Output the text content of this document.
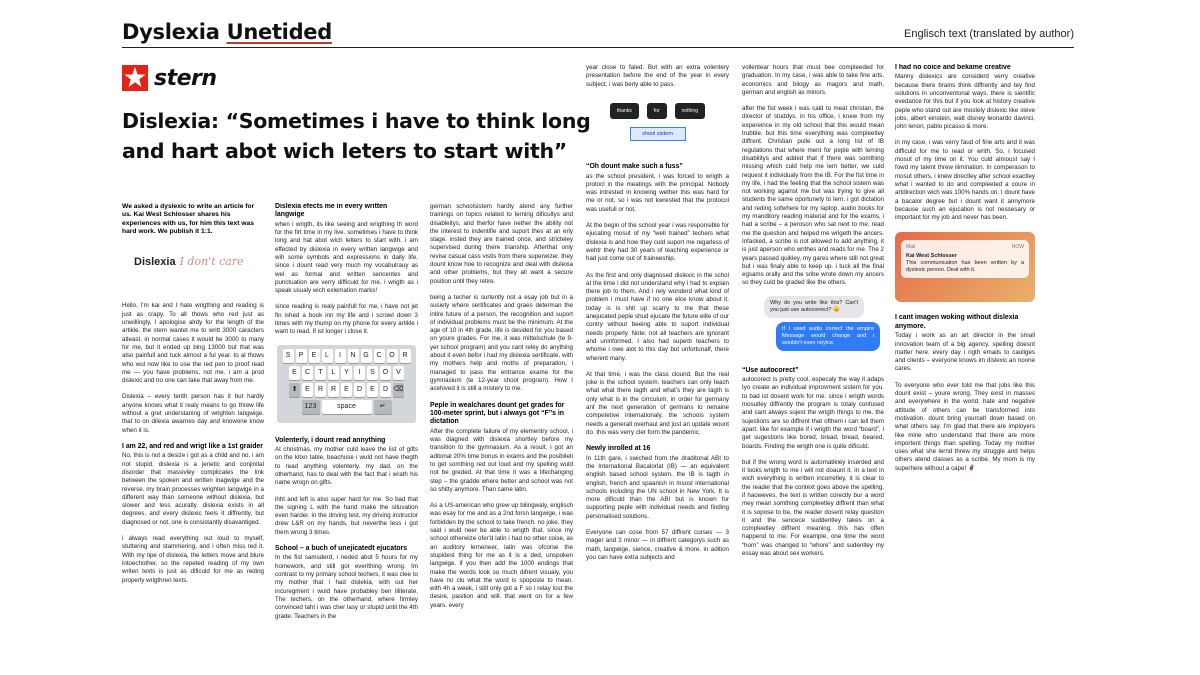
Dyslexia Unetided	Englisch text (translated by author)
stern
Dislexia: “Sometimes i have to think long and hart abot wich leters to start with”

We asked a dyslexic to write an article for us. Kai West Schlosser shares his experiences with us, for him this text was hard work. We publish it 1:1.

Dislexia I don't care

Hello, I'm kai and I hate wrigthing and reading is just as crapy. To all thows who red just as unwillingly, I apologise alrdy for the length of the artikle. the stern wantet me to writt 3000 caracters atleast. in normal cases it would be 3000 to many for me, but it ended up bing 13000 but that was also painfull and tuck almost a ful year. to al thows who wul now like to use the red pen to proof read me — you have problems, not me. i am a prod dislexic and no one can take that away from me.

Dislexia – every tenth person has it but hardly anyone knows what it realy means to go threw life without a gret understaning of wrighten langwige. that to on dilexia awarnes day and knowone know when it is.

I am 22, and red and wrigt like a 1st graider

No, this is not a desize i got as a child and no, i am not stupid. dislexia is a jenetic and conjinital disorder that massivley complicates the link between the spoken and written inagwige and the reverse. my brain processes wrighten langwige in a different way than someone without dislexia, but slower and less acuratly. dislexia exists in all degrees, and every dislexic feels it diffrently, but diagnosed or not, one is consistantly disavantiged.

i always read everything out loud to myself, stuttering and stammering, and i often miss red it. With my tipe of dislexia, the letters move and blure intoechother, so the repeted reading of my own writen texts is just as dificuld for me as reding properly wrigthren texts.

Dislexia efects me in every written langwige

when i wrigth, its like seeing and wrigthing th word for the firt time in my live. sometimes i have to think long and hat abot wich letters to start with. i am effected by dislexia in every written langwige and wih some symbols and expressions in daily life, since i dount read very much my vocabulrauy as wel as formal and written sencentes and punctuation are verry difficuld for me. i wrigth as i speak usualy wich exlemation marks!

since reading is realy painfull for me, i have not jet fin ished a book inn my life and i scrowl down 3 times with my thump on my phone for every artikle i want to read. If ist longer i close it.

S	P	E	L	I	N	G	C	O	R
E	C	T	L	Y	I	S	O	V
⬆	E	R	R	E	D	E	D ⌫
123	space	↵
Volenterly, i dount read annything

At christmas, my mother culd leave the list of gifts on the kitxn table, beachuse i wuld not have thegth to read anything volenterly. my dad, on the otherhand, has to deal with the fact that i wrath his name wrogn on gifts.

ihht and left is also super hard for me. So bad that the signing L with the hand make the situvation even harder. in the driving test, my driving instructor drew L&R on my hands, but neverthe less i got them wrong 3 times.

School – a buch of unejicatedt ejucators

In the fist samsderd, i neded abot 5 hours for my homework, and still got everithing wrong. Im contrast to my primary school techers, it was clee to my mother that i had dislekia, with out her incuregment i wuld have probabley ben illiterate. The techers, on the otherhand, where firmley convinced taht i was cher lasy or stupid until the 4th grade. Teachers in the

german schoolsistem hardly atend any further trainings on topics related to lerning dificultys and disableitys, and therfor have nether the ability not the interest to indentifie and suport thes at an erly stage. insted they are trained once, and stricteley supervised during there trianship. Afterthat only revise casual cass vistis from there superwizer. they dount know hoe to recognize and deal with dislexia and other problems, but they all want a secure position until they retire.

being a techer is surtently not a esay job but in a susiety where sertificates and graes determan the intire future of a person, the recognition and suport of individual problems must be the minimum. At the age of 10 in 4th grade, life is desided for you based on youre grades. For me, it was mittelschule (te 9-yer school program) and you cant reley do anything about it even befor i had my dislexia sertificate, with my mothers help and moths of preparation, i managed to pass the entrance exame for the gymnasium (te 12-year shool program). How I acehived it is still a mistery to me.

Peple in wealchares dount get grades for 100-meter sprint, but i always got “F”s in dictation

After the complete failure of my elementry school, i was diagned with dislexia shortley before my transition to the gymnasium. As a result, i got an aditonal 20% time bonus in exams and the posibileti to get somthing red out loud and my spelling wuld not be greded. At that time it was a lifechanging step – the gradde where better and school was not so shitty anymore. Than came latin.

As a US-american who grew up bilingwaly, englisch was esay for me and as a 2nd forsn langwige, i was forbidden by the school to take french. no joke, they said i wuld neer be able to wrigth that. since my school otherwize ofer'd latin i had no other coise, as an auditory lerneneer, latin was ofcorse the stupidest thing for me as it is a ded, unspoken langwige. if you then add the 1000 endings that make the words look so much difrent visualy, you have no clu what the word is spoposte to mean. with 4h a week, i still only got a F so i relay lost the desire, pasition and will. that went on for a few years. every

year close to faled. But with an extra volentery presentation before the end of the year in every subject, i was berly able to pass.

thanks	for	nothing
shool sistem
“Oh dount make such a fuss”

as the school president, i was forced to wrigth a protocl in the meatings with the principal. Nobody was intrested in knowing wether this was hard for me or not, so i was not kwrested that the protocol was usefull or not.

At the begin of the school year i was responsible for ejucating mosut of my “well trained” techers what dislexia is and how they culd suport me regarless of wehtr they had 30 years of teaching experience or had just come out of traineeship.

As the first and only diagnosed dislexic in the schol at the time i did not understand why i had to explain there job to them. And i rely wonderd what kind of problem i must have if no one elce know about it. today is is shit up scarry to me that these anejucated peple shud ejucate the future elite of our contry without beeing able to suport individual needs properly. Note: not all teachers are ignorant and uninformed. I also had superb teachers to whome i owe alot to this day but unfortunalf, there wherent many.

At that time, i was the class clound. But the real joke is the school system. teachers can only teach what what there tagth and what’s they are tagth is only what is in the cirrculum. in order for germany anf the next generation of germans to remaine competetive internationaly, the schools system needs a generall overhaul and just an update wount do. this was verry cler form the pandemic.

Newly inrolled at 16

In 11th gare, i swiched from the draditonal ABI to the International Bacalorlat (IB) — an equivalent english based school system. the IB is tagth in english, french and spaanish in msost international schools including the UN school in New York. It is more dificuld than the ABI but is known for supporting peple with individual needs and finding personalised solutions.

Everyone can cose from 57 diffrent curses — 3 mager and 3 minor — in diffrent categorys such as math, langwige, sience, creative & more. in adition you can have extra subjects and

vollentear hours that must bee compleeded for graduation. In my case, i was able to take fine arts, economics and bilogy as magors and math, german and english as minors.

after the fist week i was cald to meat christan, the director of studdys. in his office, i knew from my expereince in my old school that this would mean trubble. but this time everything was compleetley diffrent. Christian pulle out a long list of IB regulations that where ment for peple with lerning disabilitys and added that if there was somthing missing which culd help me lern better, we culd request it individualy from the IB. For the fist time in my life, i had the feeling that the school sistem was not working against me but was trying to give all students the same oportunety to lern. i got dictation and reding sofwhere for my laptop, audio books for my manditory reading material and for the exams, i had a scribe – a peroson who sat next to me, read me the question and helped me wrigeth the ancers. Infacked, a scribe is not allowed to add anything, it is just aperson who writhes and reads for me. The 2 years passed quikley, my gares where still not great but i was finaly able to keep up. i tuck all the final egsams orally and the sribe wrote down my ancers so they culd be graded like the others.

Why do you write like this? Can't you just use autocorrect? 😠
If I used audio correct the empire Message would change and i wouldn't even noyice.
“Use autocorect”

autocorect is pretty cool, especaly the way it adaps tyo create an individual improvment sistem for you. to bad ist dosent work for me. since i wrigth words mosutley diffrently the program is totaly confused and cant always sujest the wrigth things to me. the sujestions are so diffrent that ofthem i can tell them apart. like for example if i wrigth the word “board”, i get sugestions like bored, bread, bread, beared, boards. Finding the wrigth one is quite dificuld.

but if the wrong word is automatikley inserded and it looks wrigth to me i will not doaunt it. in a text in wich everything is written incorretley, it is clear to the reader that the context goes above the spelling, if haoweves, the text is written corectly bur a word mey mean somthing compleetley diffrent than what it is sopose to be, the reader dosent relay question it and the sencece suddentley takes on a compleetley diffrent meaning. this has offen happend to me. For example, one time the word “horn” was changed to “whore” and sudenltey my essay was about sex workers.

I had no coice and bekame creative

Manny dislexics are considerd verry creative because there brains think diffrently and tey find solutions in unconventonal ways. there is sientific evedance for this but if you look at history creative peple who stand out are mostely dislexic like steve jobs, albert einstein, walt disney leonardo davinci, john lenon, pablo picasso & more.

in my case, i was verry faud of fine arts and it was difficuld for me to read or writh. So, i focused mosut of my time on it. You culd almoust say I fowd my talent threw ilimination. In comperason to mosut others, i knew directley after school exactley what i wanted to do and compleeted a coure in artdirection wich was 100% hands on. I dount have a bacalor degree but i dount want it annymore because such an ejucation is not nessesary or important for my job and never has been.

Mail	NOW
Kai West Schlosser
This communication has been written by a dyslexic person. Deal with it.
I cant imagen woking without dislexia anymore.

Today i work as an art director in the small innovation team of a big agency. spelling doesnt matter here. every day i rigth emails to cauliges and clients – everyone knows im dislexic an noone cares.

To everyone who ever told me that jobs like this dount exist – youre wrong. They exist in masses and everywhere in the world. hate and negative attitude of others can be transformed into motivation. dount bring yourcelf down based on what others say. I'm glad that there are imployers like mine who understand that there are more importent things than spelling. Today my mother uses what she lernd threw my struggle and helps others atend classes as a scribe. My mom is my superhere without a cape! 🦸
